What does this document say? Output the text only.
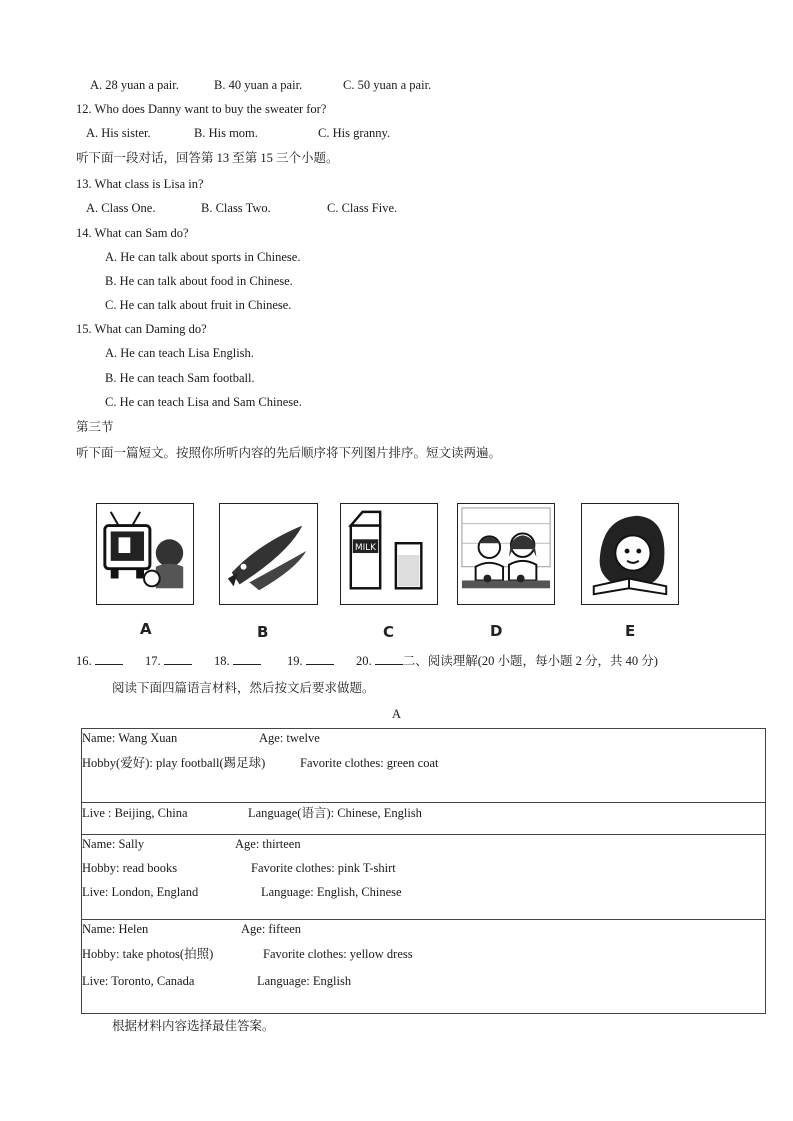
A. 28 yuan a pair.	B. 40 yuan a pair.	C. 50 yuan a pair.
12. Who does Danny want to buy the sweater for?
A. His sister.	B. His mom.	C. His granny.
听下面一段对话，回答第 13 至第 15 三个小题。
13. What class is Lisa in?
A. Class One.	B. Class Two.	C. Class Five.
14. What can Sam do?
A. He can talk about sports in Chinese.
B. He can talk about food in Chinese.
C. He can talk about fruit in Chinese.
15. What can Daming do?
A. He can teach Lisa English.
B. He can teach Sam football.
C. He can teach Lisa and Sam Chinese.
第三节
听下面一篇短文。按照你所听内容的先后顺序将下列图片排序。短文读两遍。
MILK
A	B	C	D	E
16.	17.	18.	19.	20. 二、阅读理解(20 小题，每小题 2 分，共 40 分)
阅读下面四篇语言材料，然后按文后要求做题。
A
Name: Wang Xuan	Age: twelve
Hobby(爱好): play football(踢足球)	Favorite clothes: green coat
Live : Beijing, China	Language(语言): Chinese, English
Name: Sally	Age: thirteen
Hobby: read books	Favorite clothes: pink T-shirt
Live: London, England	Language: English, Chinese
Name: Helen	Age: fifteen
Hobby: take photos(拍照)	Favorite clothes: yellow dress
Live: Toronto, Canada	Language: English
根据材料内容选择最佳答案。
